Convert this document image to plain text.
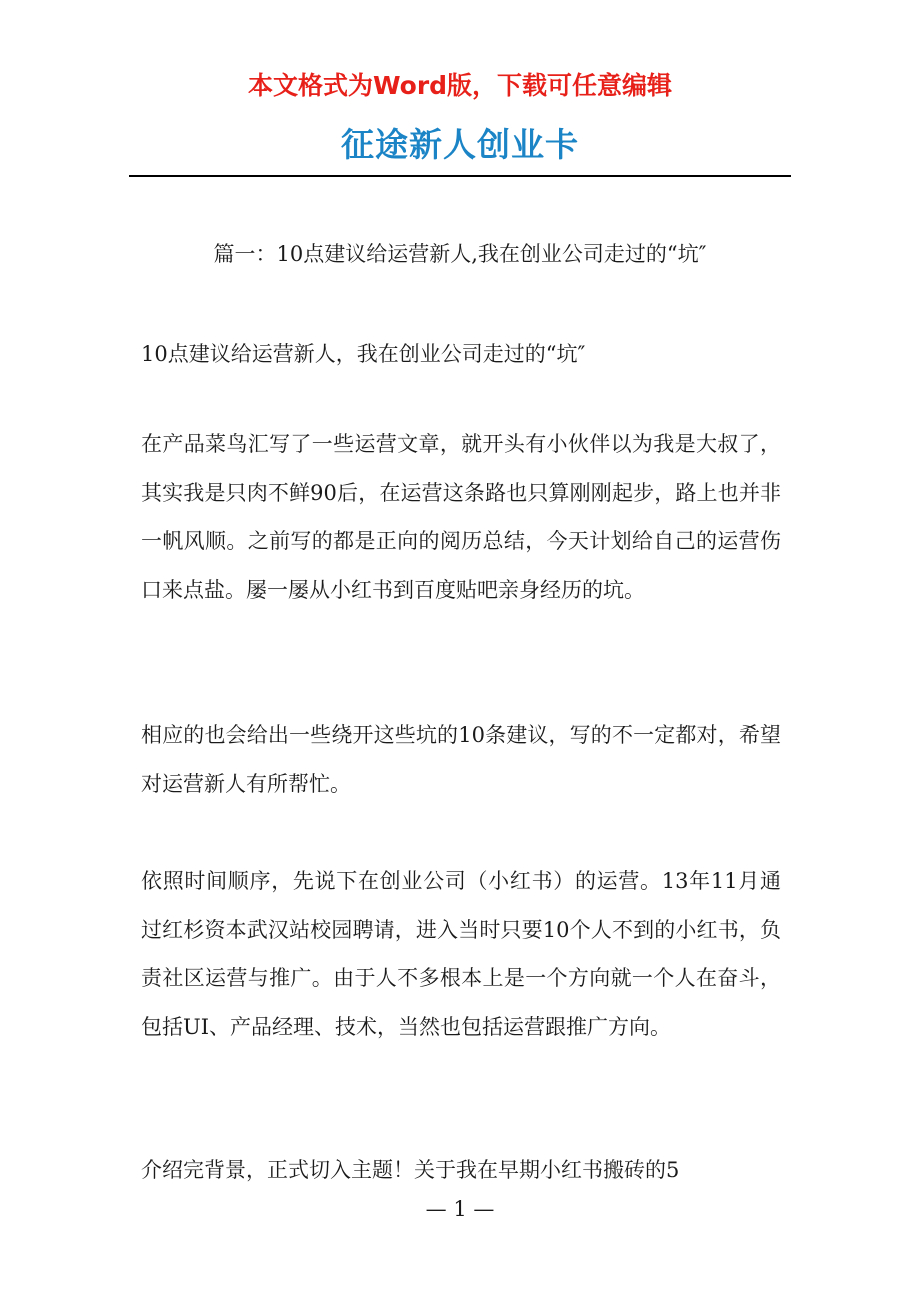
本文格式为Word版，下载可任意编辑
征途新人创业卡
篇一：10点建议给运营新人,我在创业公司走过的“坑″
10点建议给运营新人，我在创业公司走过的“坑″
在产品菜鸟汇写了一些运营文章，就开头有小伙伴以为我是大叔了，其实我是只肉不鲜90后，在运营这条路也只算刚刚起步，路上也并非一帆风顺。之前写的都是正向的阅历总结，今天计划给自己的运营伤口来点盐。屡一屡从小红书到百度贴吧亲身经历的坑。
相应的也会给出一些绕开这些坑的10条建议，写的不一定都对，希望对运营新人有所帮忙。
依照时间顺序，先说下在创业公司（小红书）的运营。13年11月通过红杉资本武汉站校园聘请，进入当时只要10个人不到的小红书，负责社区运营与推广。由于人不多根本上是一个方向就一个人在奋斗，包括UI、产品经理、技术，当然也包括运营跟推广方向。
介绍完背景，正式切入主题！关于我在早期小红书搬砖的5
— 1 —
